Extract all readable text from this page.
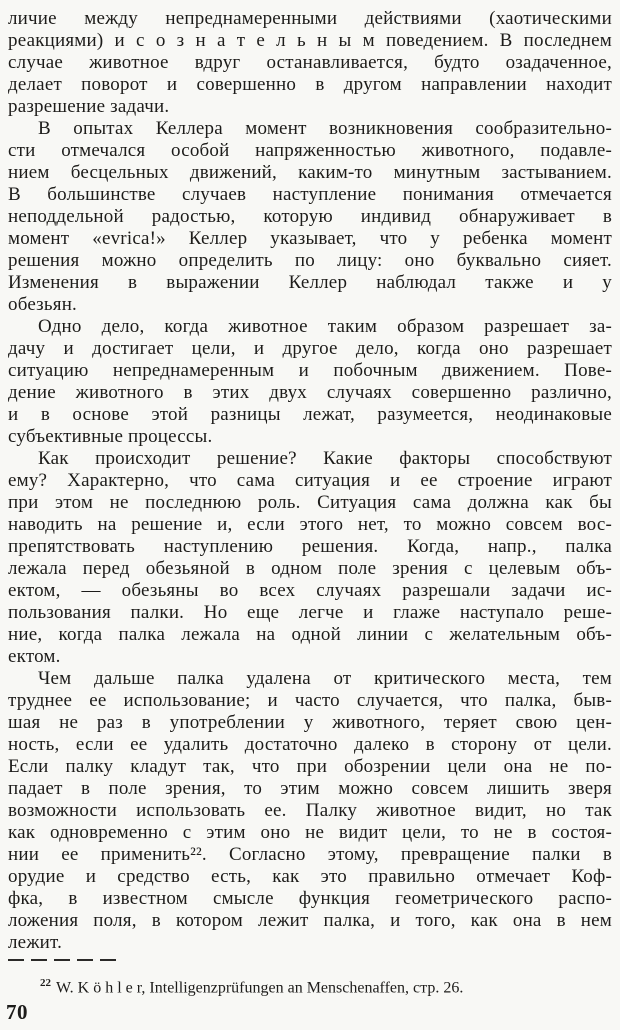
личие между непреднамеренными действиями (хаотическими
реакциями) и с о з н а т е л ь н ы м поведением. В последнем
случае животное вдруг останавливается, будто озадаченное,
делает поворот и совершенно в другом направлении находит
разрешение задачи.
В опытах Келлера момент возникновения сообразительно-
сти отмечался особой напряженностью животного, подавле-
нием бесцельных движений, каким-то минутным застыванием.
В большинстве случаев наступление понимания отмечается
неподдельной радостью, которую индивид обнаруживает в
момент «evrica!» Келлер указывает, что у ребенка момент
решения можно определить по лицу: оно буквально сияет.
Изменения в выражении Келлер наблюдал также и у
обезьян.
Одно дело, когда животное таким образом разрешает за-
дачу и достигает цели, и другое дело, когда оно разрешает
ситуацию непреднамеренным и побочным движением. Пове-
дение животного в этих двух случаях совершенно различно,
и в основе этой разницы лежат, разумеется, неодинаковые
субъективные процессы.
Как происходит решение? Какие факторы способствуют
ему? Характерно, что сама ситуация и ее строение играют
при этом не последнюю роль. Ситуация сама должна как бы
наводить на решение и, если этого нет, то можно совсем вос-
препятствовать наступлению решения. Когда, напр., палка
лежала перед обезьяной в одном поле зрения с целевым объ-
ектом, — обезьяны во всех случаях разрешали задачи ис-
пользования палки. Но еще легче и глаже наступало реше-
ние, когда палка лежала на одной линии с желательным объ-
ектом.
Чем дальше палка удалена от критического места, тем
труднее ее использование; и часто случается, что палка, быв-
шая не раз в употреблении у животного, теряет свою цен-
ность, если ее удалить достаточно далеко в сторону от цели.
Если палку кладут так, что при обозрении цели она не по-
падает в поле зрения, то этим можно совсем лишить зверя
возможности использовать ее. Палку животное видит, но так
как одновременно с этим оно не видит цели, то не в состоя-
нии ее применить²². Согласно этому, превращение палки в
орудие и средство есть, как это правильно отмечает Коф-
фка, в известном смысле функция геометрического распо-
ложения поля, в котором лежит палка, и того, как она в нем
лежит.
$^{22}$ W. K ö h l e r, Intelligenzprüfungen an Menschenaffen, стр. 26.
70
